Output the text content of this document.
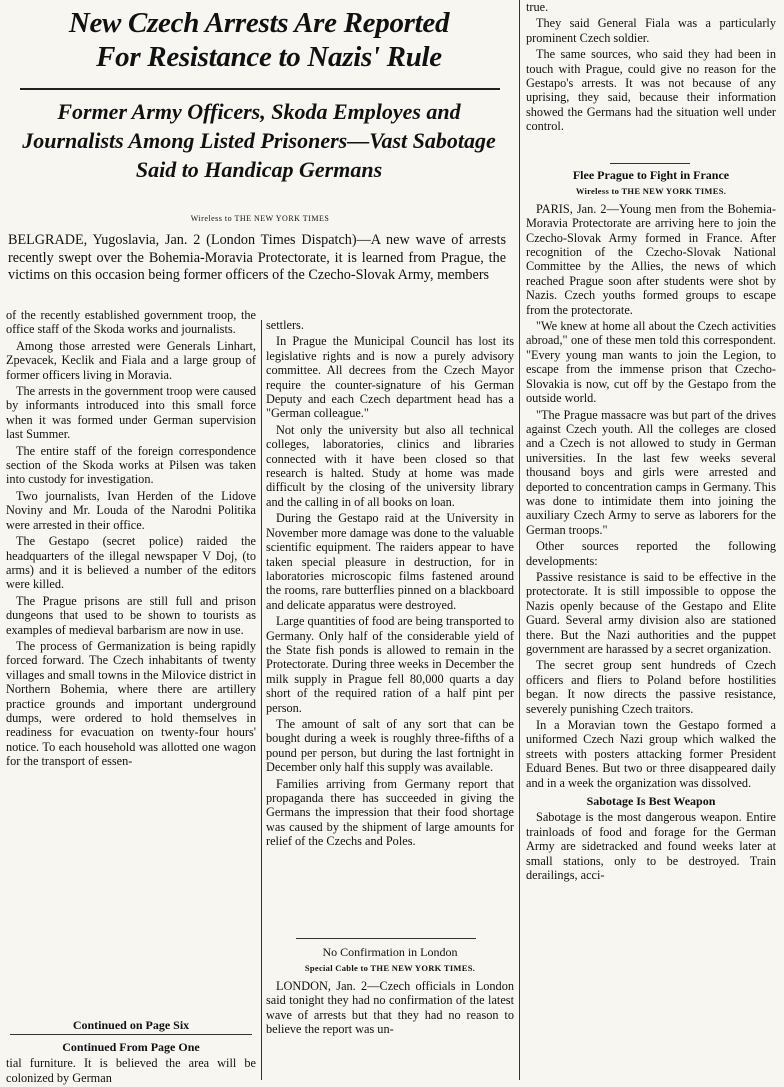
New Czech Arrests Are Reported
For Resistance to Nazis' Rule
Former Army Officers, Skoda Employes and Journalists Among Listed Prisoners—Vast Sabotage Said to Handicap Germans
Wireless to THE NEW YORK TIMES
BELGRADE, Yugoslavia, Jan. 2 (London Times Dispatch)—A new wave of arrests recently swept over the Bohemia-Moravia Protectorate, it is learned from Prague, the victims on this occasion being former officers of the Czecho-Slovak Army, members

of the recently established government troop, the office staff of the Skoda works and journalists.

Among those arrested were Generals Linhart, Zpevacek, Keclik and Fiala and a large group of former officers living in Moravia.

The arrests in the government troop were caused by informants introduced into this small force when it was formed under German supervision last Summer.

The entire staff of the foreign correspondence section of the Skoda works at Pilsen was taken into custody for investigation.

Two journalists, Ivan Herden of the Lidove Noviny and Mr. Louda of the Narodni Politika were arrested in their office.

The Gestapo (secret police) raided the headquarters of the illegal newspaper V Doj, (to arms) and it is believed a number of the editors were killed.

The Prague prisons are still full and prison dungeons that used to be shown to tourists as examples of medieval barbarism are now in use.

The process of Germanization is being rapidly forced forward. The Czech inhabitants of twenty villages and small towns in the Milovice district in Northern Bohemia, where there are artillery practice grounds and important underground dumps, were ordered to hold themselves in readiness for evacuation on twenty-four hours' notice. To each household was allotted one wagon for the transport of essen-

Continued on Page Six
Continued From Page One

tial furniture. It is believed the area will be colonized by German

settlers.

In Prague the Municipal Council has lost its legislative rights and is now a purely advisory committee. All decrees from the Czech Mayor require the counter-signature of his German Deputy and each Czech department head has a "German colleague."

Not only the university but also all technical colleges, laboratories, clinics and libraries connected with it have been closed so that research is halted. Study at home was made difficult by the closing of the university library and the calling in of all books on loan.

During the Gestapo raid at the University in November more damage was done to the valuable scientific equipment. The raiders appear to have taken special pleasure in destruction, for in laboratories microscopic films fastened around the rooms, rare butterflies pinned on a blackboard and delicate apparatus were destroyed.

Large quantities of food are being transported to Germany. Only half of the considerable yield of the State fish ponds is allowed to remain in the Protectorate. During three weeks in December the milk supply in Prague fell 80,000 quarts a day short of the required ration of a half pint per person.

The amount of salt of any sort that can be bought during a week is roughly three-fifths of a pound per person, but during the last fortnight in December only half this supply was available.

Families arriving from Germany report that propaganda there has succeeded in giving the Germans the impression that their food shortage was caused by the shipment of large amounts for relief of the Czechs and Poles.

No Confirmation in London
Special Cable to THE NEW YORK TIMES.

LONDON, Jan. 2—Czech officials in London said tonight they had no confirmation of the latest wave of arrests but that they had no reason to believe the report was un-

true.

They said General Fiala was a particularly prominent Czech soldier.

The same sources, who said they had been in touch with Prague, could give no reason for the Gestapo's arrests. It was not because of any uprising, they said, because their information showed the Germans had the situation well under control.

Flee Prague to Fight in France
Wireless to THE NEW YORK TIMES.

PARIS, Jan. 2—Young men from the Bohemia-Moravia Protectorate are arriving here to join the Czecho-Slovak Army formed in France. After recognition of the Czecho-Slovak National Committee by the Allies, the news of which reached Prague soon after students were shot by Nazis. Czech youths formed groups to escape from the protectorate.

"We knew at home all about the Czech activities abroad," one of these men told this correspondent. "Every young man wants to join the Legion, to escape from the immense prison that Czecho-Slovakia is now, cut off by the Gestapo from the outside world.

"The Prague massacre was but part of the drives against Czech youth. All the colleges are closed and a Czech is not allowed to study in German universities. In the last few weeks several thousand boys and girls were arrested and deported to concentration camps in Germany. This was done to intimidate them into joining the auxiliary Czech Army to serve as laborers for the German troops."

Other sources reported the following developments:

Passive resistance is said to be effective in the protectorate. It is still impossible to oppose the Nazis openly because of the Gestapo and Elite Guard. Several army division also are stationed there. But the Nazi authorities and the puppet government are harassed by a secret organization.

The secret group sent hundreds of Czech officers and fliers to Poland before hostilities began. It now directs the passive resistance, severely punishing Czech traitors.

In a Moravian town the Gestapo formed a uniformed Czech Nazi group which walked the streets with posters attacking former President Eduard Benes. But two or three disappeared daily and in a week the organization was dissolved.

Sabotage Is Best Weapon

Sabotage is the most dangerous weapon. Entire trainloads of food and forage for the German Army are sidetracked and found weeks later at small stations, only to be destroyed. Train derailings, acci-
